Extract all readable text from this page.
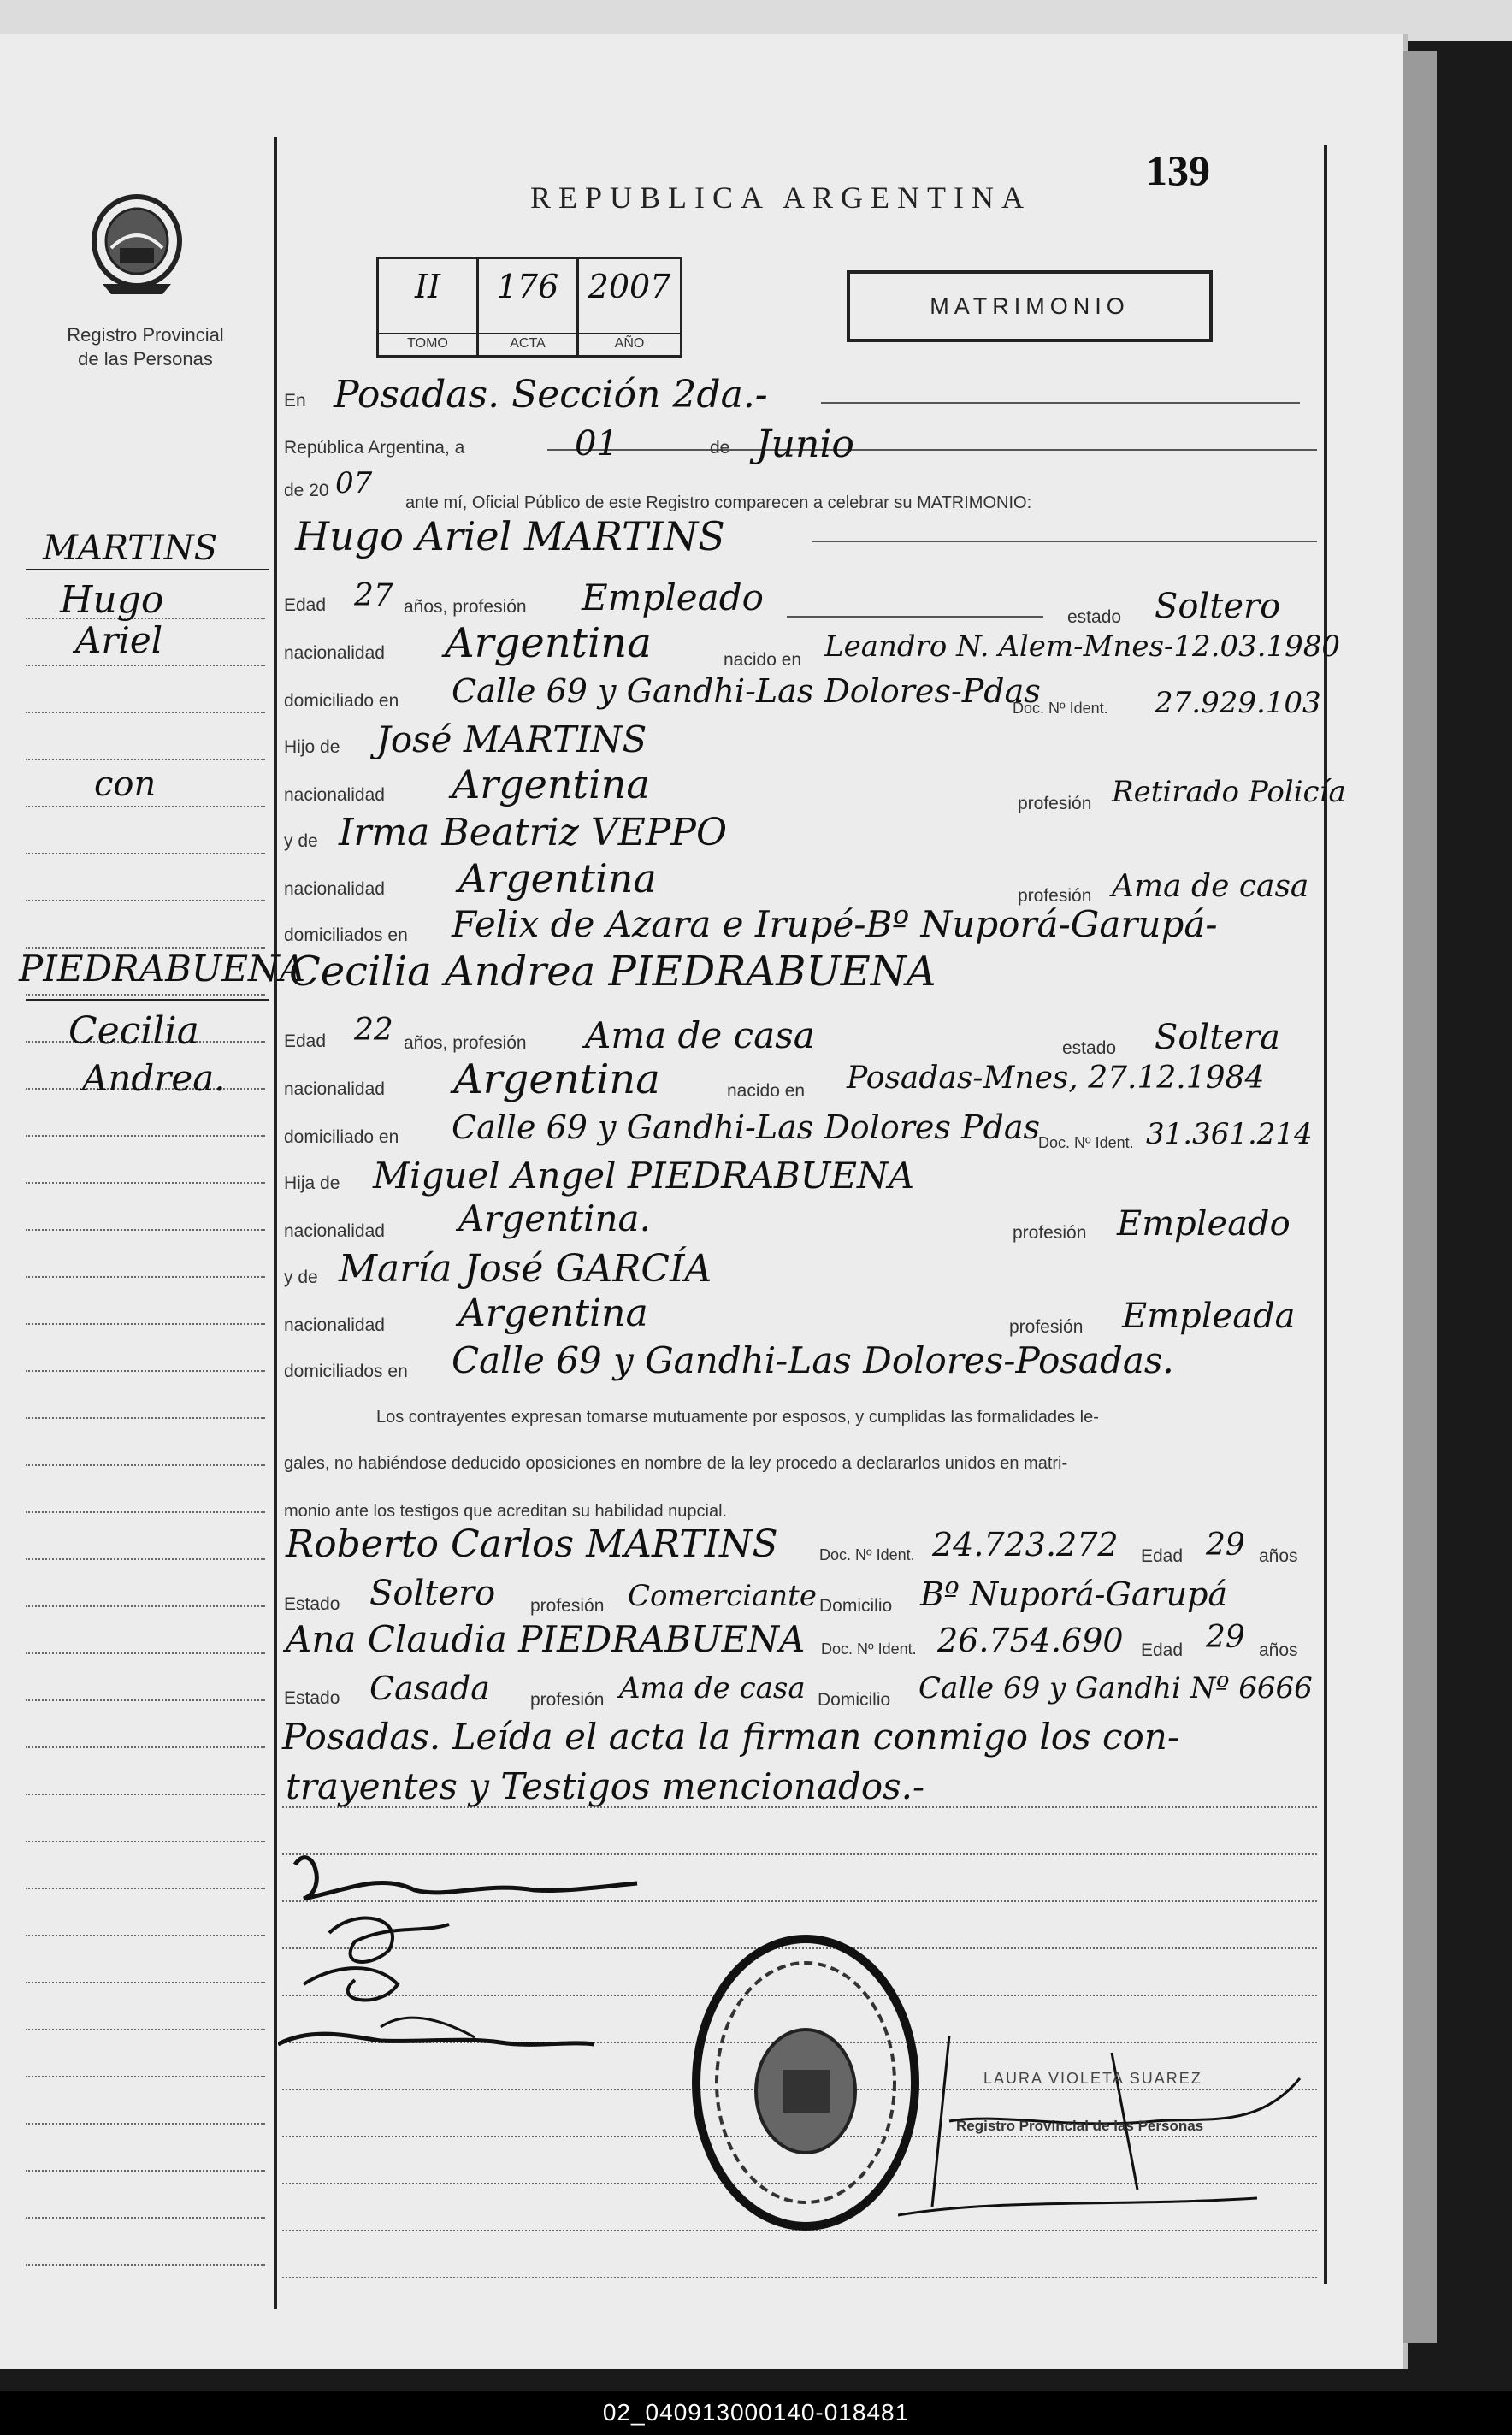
Registro Provincial
de las Personas
REPUBLICA ARGENTINA
139
II
TOMO
176
ACTA
2007
AÑO
MATRIMONIO
MARTINS
Hugo
Ariel
con
PIEDRABUENA
Cecilia
Andrea.
En Posadas. Sección 2da.-
República Argentina, a	01	de Junio
de 20 07
ante mí, Oficial Público de este Registro comparecen a celebrar su MATRIMONIO:
Hugo Ariel MARTINS
Edad 27 años, profesión Empleado	estado Soltero
nacionalidad Argentina	nacido en Leandro N. Alem-Mnes-12.03.1980
domiciliado en Calle 69 y Gandhi-Las Dolores-Pdas
Doc. Nº Ident. 27.929.103
Hijo de José MARTINS
nacionalidad Argentina	profesión Retirado Policía
y de Irma Beatriz VEPPO
nacionalidad Argentina	profesión Ama de casa
domiciliados en Felix de Azara e Irupé-Bº Nuporá-Garupá-
Cecilia Andrea PIEDRABUENA
Edad 22 años, profesión Ama de casa	estado Soltera
nacionalidad Argentina	nacido en Posadas-Mnes, 27.12.1984
domiciliado en Calle 69 y Gandhi-Las Dolores Pdas
Doc. Nº Ident. 31.361.214
Hija de Miguel Angel PIEDRABUENA
nacionalidad Argentina.	profesión Empleado
y de María José GARCÍA
nacionalidad Argentina	profesión Empleada
domiciliados en Calle 69 y Gandhi-Las Dolores-Posadas.
Los contrayentes expresan tomarse mutuamente por esposos, y cumplidas las formalidades le-
gales, no habiéndose deducido oposiciones en nombre de la ley procedo a declararlos unidos en matri-
monio ante los testigos que acreditan su habilidad nupcial.
Roberto Carlos MARTINS	Doc. Nº Ident. 24.723.272 Edad 29 años
Estado Soltero profesión Comerciante Domicilio Bº Nuporá-Garupá
Ana Claudia PIEDRABUENA Doc. Nº Ident. 26.754.690 Edad 29 años
Estado Casada profesión Ama de casa Domicilio Calle 69 y Gandhi Nº 6666
Posadas. Leída el acta la firman conmigo los con-
trayentes y Testigos mencionados.-
LAURA VIOLETA SUAREZ
Registro Provincial de las Personas
02_040913000140-018481
